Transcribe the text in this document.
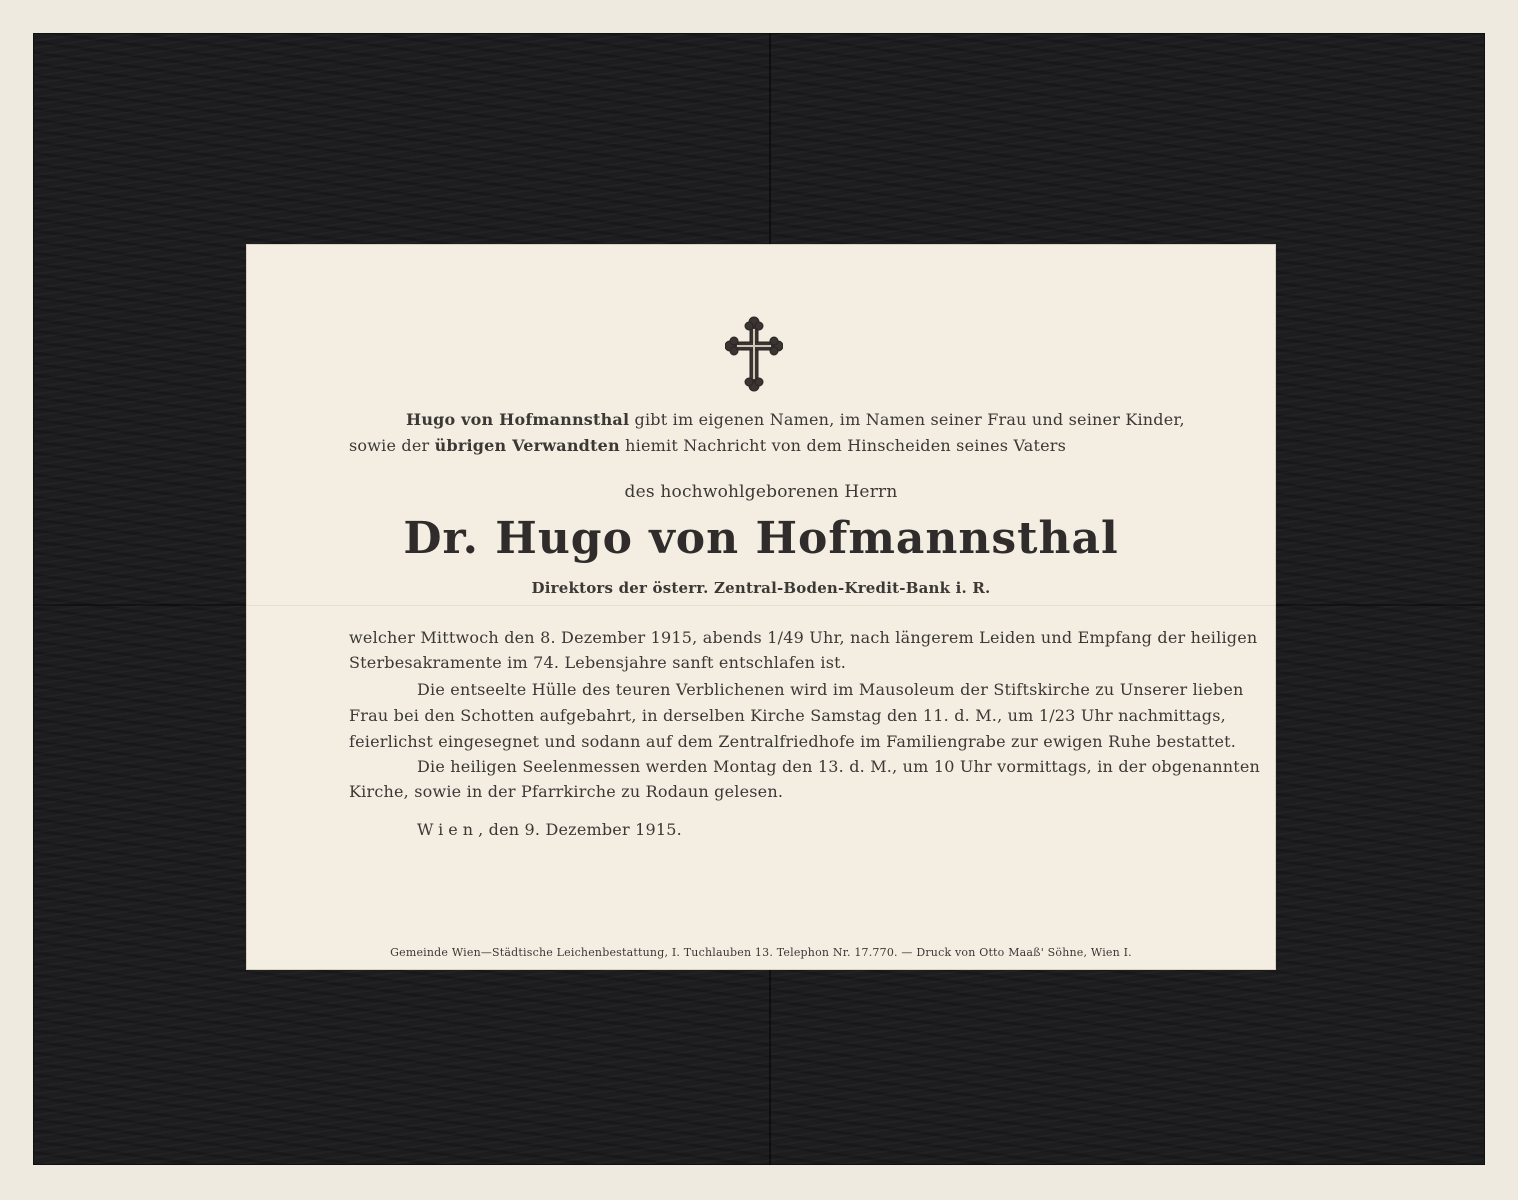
Hugo von Hofmannsthal gibt im eigenen Namen, im Namen seiner Frau und seiner Kinder,
sowie der übrigen Verwandten hiemit Nachricht von dem Hinscheiden seines Vaters
des hochwohlgeborenen Herrn
Dr. Hugo von Hofmannsthal
Direktors der österr. Zentral-Boden-Kredit-Bank i. R.
welcher Mittwoch den 8. Dezember 1915, abends 1/49 Uhr, nach längerem Leiden und Empfang der heiligen
Sterbesakramente im 74. Lebensjahre sanft entschlafen ist.
Die entseelte Hülle des teuren Verblichenen wird im Mausoleum der Stiftskirche zu Unserer lieben
Frau bei den Schotten aufgebahrt, in derselben Kirche Samstag den 11. d. M., um 1/23 Uhr nachmittags,
feierlichst eingesegnet und sodann auf dem Zentralfriedhofe im Familiengrabe zur ewigen Ruhe bestattet.
Die heiligen Seelenmessen werden Montag den 13. d. M., um 10 Uhr vormittags, in der obgenannten
Kirche, sowie in der Pfarrkirche zu Rodaun gelesen.
Wien, den 9. Dezember 1915.
Gemeinde Wien—Städtische Leichenbestattung, I. Tuchlauben 13. Telephon Nr. 17.770. — Druck von Otto Maaß' Söhne, Wien I.
